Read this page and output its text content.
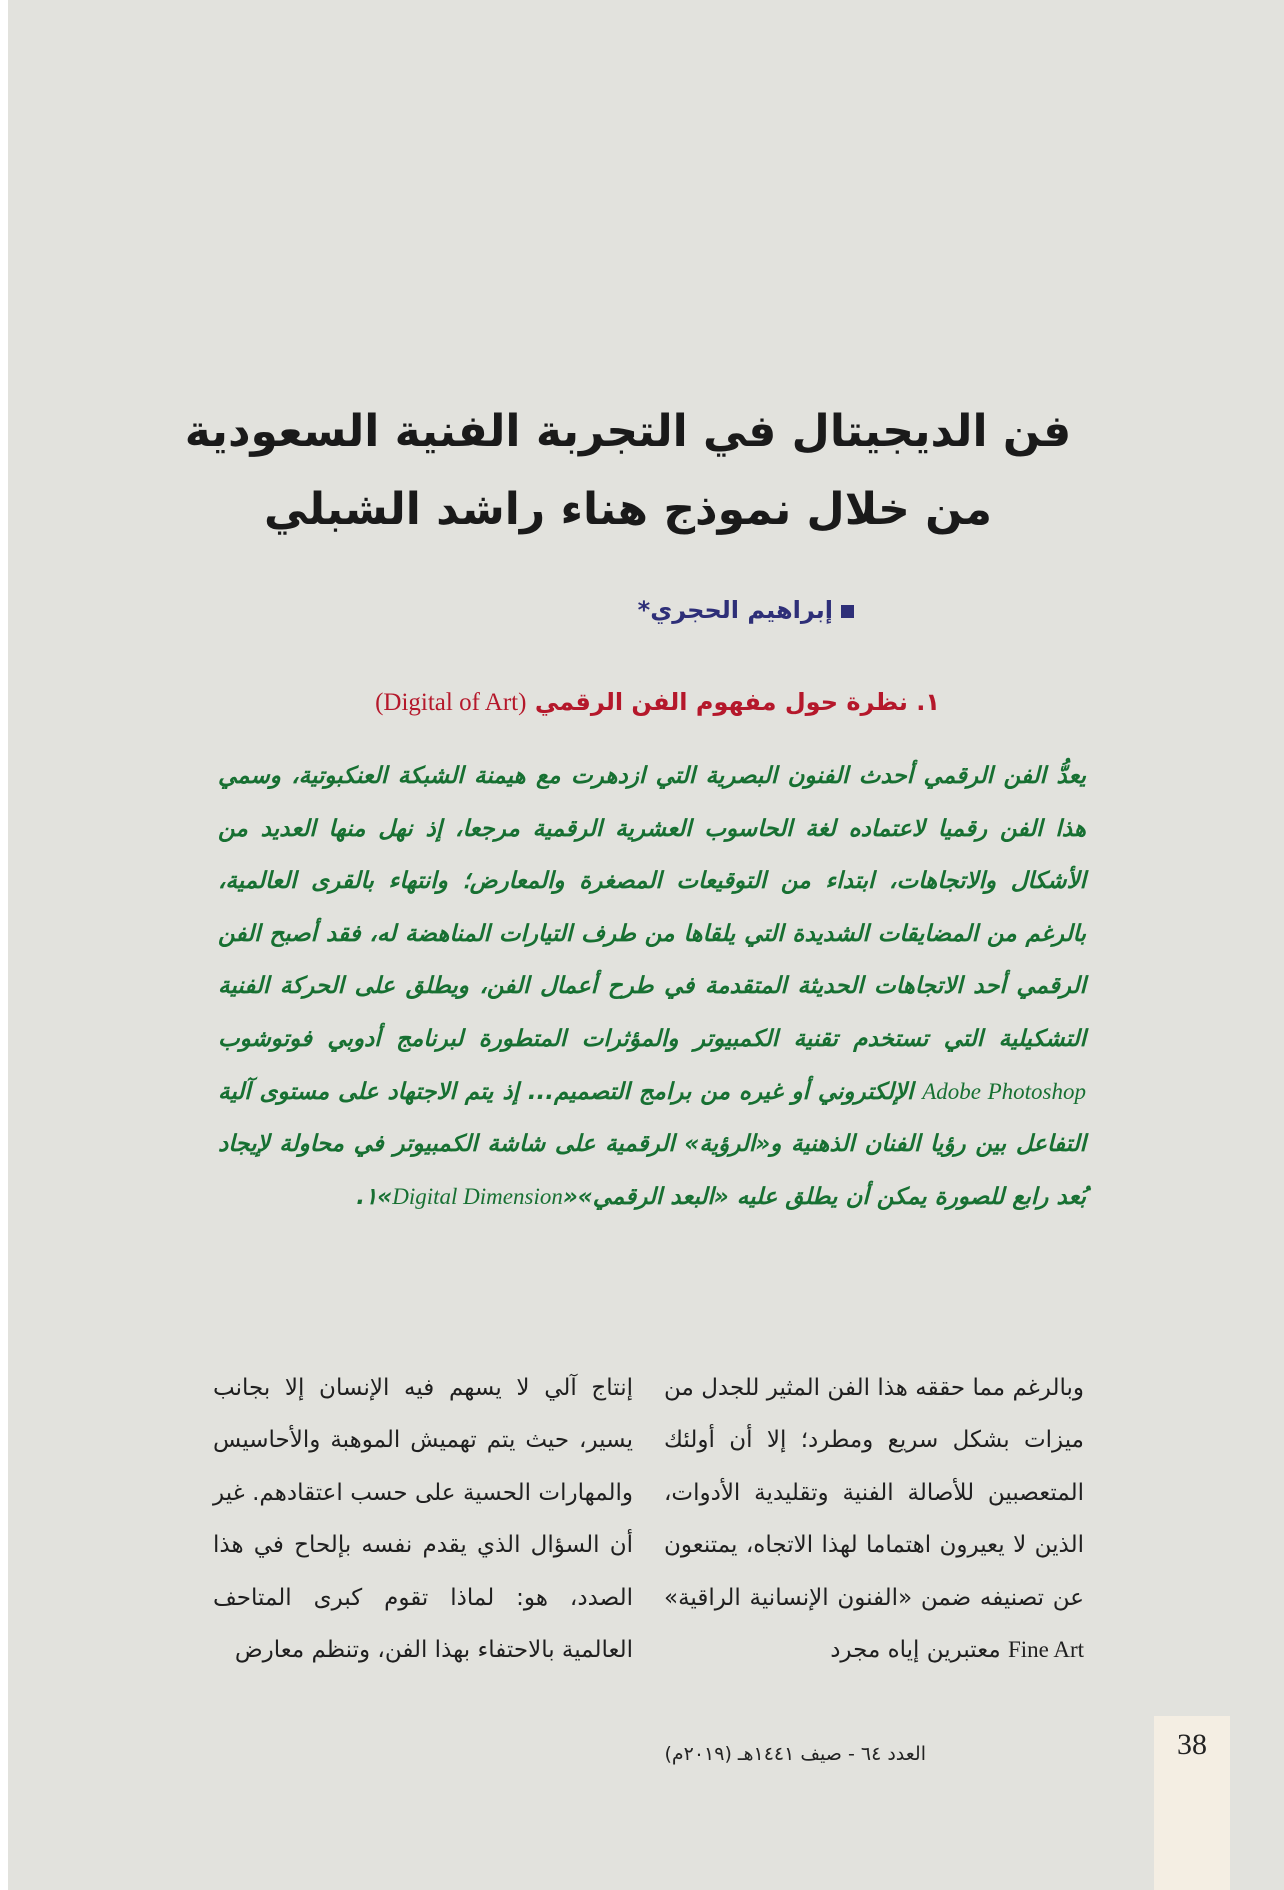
فن الديجيتال في التجربة الفنية السعودية
من خلال نموذج هناء راشد الشبلي
إبراهيم الحجري*
١. نظرة حول مفهوم الفن الرقمي (Digital of Art)
يعدُّ الفن الرقمي أحدث الفنون البصرية التي ازدهرت مع هيمنة الشبكة العنكبوتية، وسمي هذا الفن رقميا لاعتماده لغة الحاسوب العشرية الرقمية مرجعا، إذ نهل منها العديد من الأشكال والاتجاهات، ابتداء من التوقيعات المصغرة والمعارض؛ وانتهاء بالقرى العالمية، بالرغم من المضايقات الشديدة التي يلقاها من طرف التيارات المناهضة له، فقد أصبح الفن الرقمي أحد الاتجاهات الحديثة المتقدمة في طرح أعمال الفن، ويطلق على الحركة الفنية التشكيلية التي تستخدم تقنية الكمبيوتر والمؤثرات المتطورة لبرنامج أدوبي فوتوشوب Adobe Photoshop الإلكتروني أو غيره من برامج التصميم... إذ يتم الاجتهاد على مستوى آلية التفاعل بين رؤيا الفنان الذهنية و«الرؤية» الرقمية على شاشة الكمبيوتر في محاولة لإيجاد بُعد رابع للصورة يمكن أن يطلق عليه «البعد الرقمي»«Digital Dimension»١.
وبالرغم مما حققه هذا الفن المثير للجدل من ميزات بشكل سريع ومطرد؛ إلا أن أولئك المتعصبين للأصالة الفنية وتقليدية الأدوات، الذين لا يعيرون اهتماما لهذا الاتجاه، يمتنعون عن تصنيفه ضمن «الفنون الإنسانية الراقية» Fine Art معتبرين إياه مجرد
إنتاج آلي لا يسهم فيه الإنسان إلا بجانب يسير، حيث يتم تهميش الموهبة والأحاسيس والمهارات الحسية على حسب اعتقادهم. غير أن السؤال الذي يقدم نفسه بإلحاح في هذا الصدد، هو: لماذا تقوم كبرى المتاحف العالمية بالاحتفاء بهذا الفن، وتنظم معارض
العدد ٦٤ - صيف ١٤٤١هـ (٢٠١٩م)	38
